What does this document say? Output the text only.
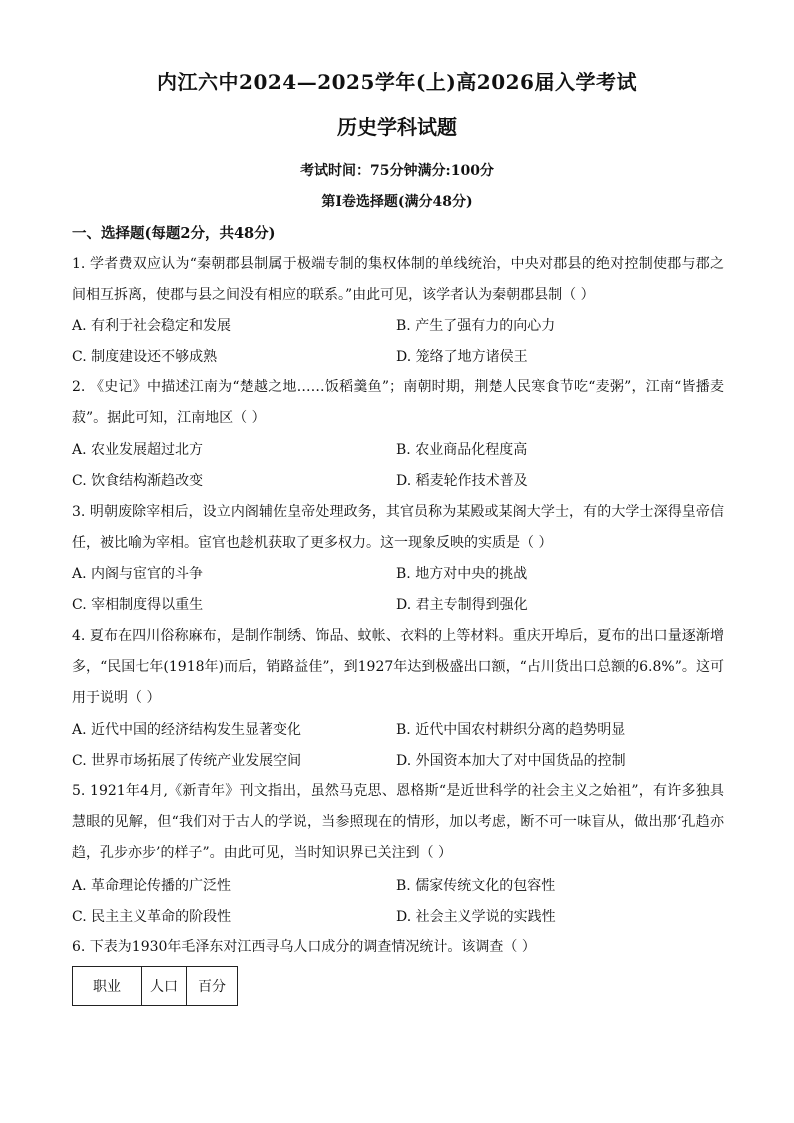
内江六中2024—2025学年(上)高2026届入学考试
历史学科试题
考试时间：75分钟满分:100分
第Ⅰ卷选择题(满分48分)
一、选择题(每题2分，共48分)
1. 学者费双应认为“秦朝郡县制属于极端专制的集权体制的单线统治，中央对郡县的绝对控制使郡与郡之间相互拆离，使郡与县之间没有相应的联系。”由此可见，该学者认为秦朝郡县制（ ）
A. 有利于社会稳定和发展	B. 产生了强有力的向心力
C. 制度建设还不够成熟	D. 笼络了地方诸侯王
2. 《史记》中描述江南为“楚越之地……饭稻羹鱼”；南朝时期，荆楚人民寒食节吃“麦粥”，江南“皆播麦菽”。据此可知，江南地区（ ）
A. 农业发展超过北方	B. 农业商品化程度高
C. 饮食结构渐趋改变	D. 稻麦轮作技术普及
3. 明朝废除宰相后，设立内阁辅佐皇帝处理政务，其官员称为某殿或某阁大学士，有的大学士深得皇帝信任，被比喻为宰相。宦官也趁机获取了更多权力。这一现象反映的实质是（ ）
A. 内阁与宦官的斗争	B. 地方对中央的挑战
C. 宰相制度得以重生	D. 君主专制得到强化
4. 夏布在四川俗称麻布，是制作制绣、饰品、蚊帐、衣料的上等材料。重庆开埠后，夏布的出口量逐渐增多，“民国七年(1918年)而后，销路益佳”，到1927年达到极盛出口额，“占川货出口总额的6.8%”。这可用于说明（ ）
A. 近代中国的经济结构发生显著变化	B. 近代中国农村耕织分离的趋势明显
C. 世界市场拓展了传统产业发展空间	D. 外国资本加大了对中国货品的控制
5. 1921年4月,《新青年》刊文指出，虽然马克思、恩格斯“是近世科学的社会主义之始祖”，有许多独具慧眼的见解，但“我们对于古人的学说，当参照现在的情形，加以考虑，断不可一味盲从，做出那‘孔趋亦趋，孔步亦步’的样子”。由此可见，当时知识界已关注到（ ）
A. 革命理论传播的广泛性	B. 儒家传统文化的包容性
C. 民主主义革命的阶段性	D. 社会主义学说的实践性
6. 下表为1930年毛泽东对江西寻乌人口成分的调查情况统计。该调查（ ）
职业	人口	百分
